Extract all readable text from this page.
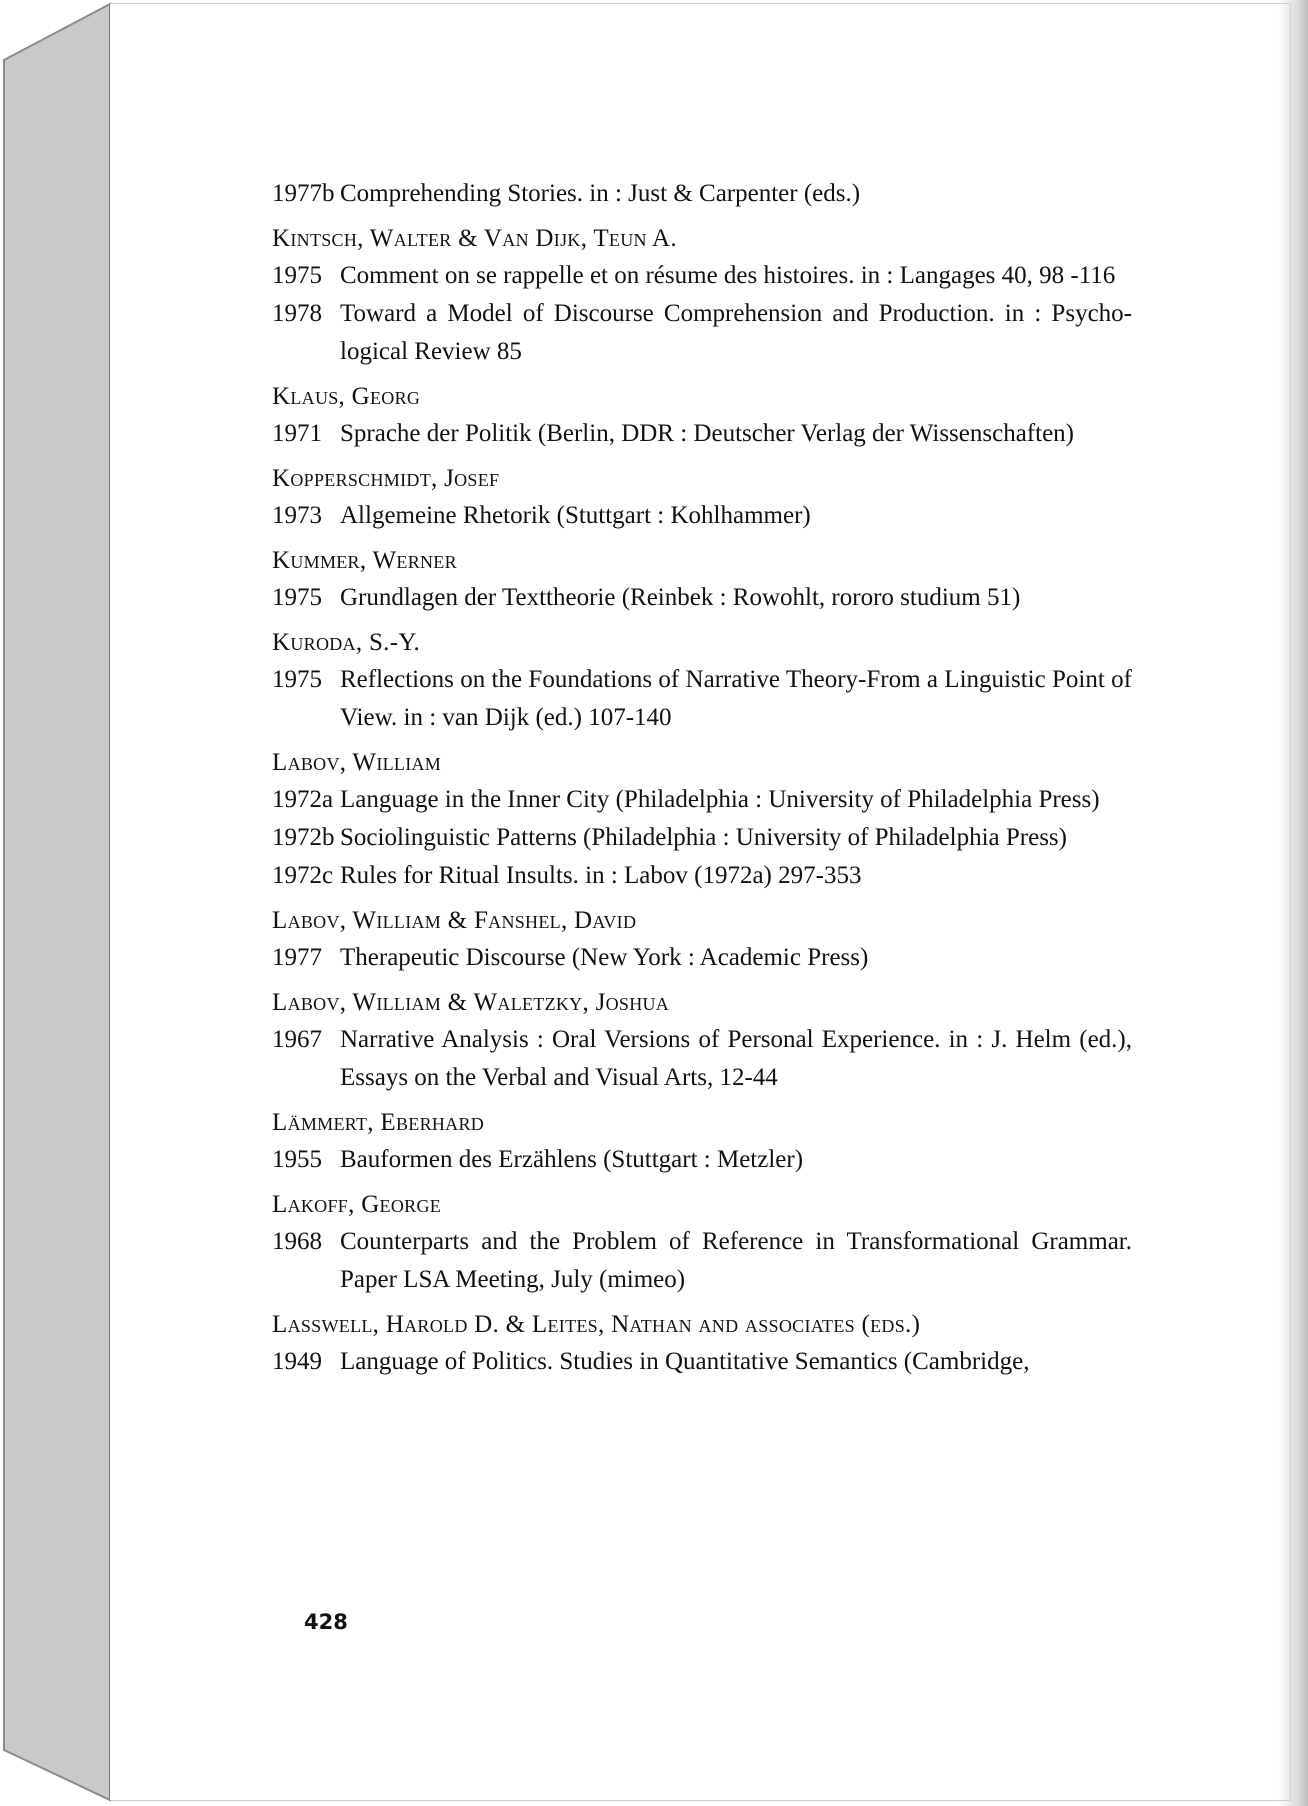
1977b Comprehending Stories. in : Just & Carpenter (eds.)
Kintsch, Walter & Van Dijk, Teun A.
1975 Comment on se rappelle et on résume des histoires. in : Langages 40, 98 -116
1978 Toward a Model of Discourse Comprehension and Production. in : Psycho-logical Review 85
Klaus, Georg
1971 Sprache der Politik (Berlin, DDR : Deutscher Verlag der Wissenschaften)
Kopperschmidt, Josef
1973 Allgemeine Rhetorik (Stuttgart : Kohlhammer)
Kummer, Werner
1975 Grundlagen der Texttheorie (Reinbek : Rowohlt, rororo studium 51)
Kuroda, S.-Y.
1975 Reflections on the Foundations of Narrative Theory-From a Linguistic Point of View. in : van Dijk (ed.) 107-140
Labov, William
1972a Language in the Inner City (Philadelphia : University of Philadelphia Press)
1972b Sociolinguistic Patterns (Philadelphia : University of Philadelphia Press)
1972c Rules for Ritual Insults. in : Labov (1972a) 297-353
Labov, William & Fanshel, David
1977 Therapeutic Discourse (New York : Academic Press)
Labov, William & Waletzky, Joshua
1967 Narrative Analysis : Oral Versions of Personal Experience. in : J. Helm (ed.), Essays on the Verbal and Visual Arts, 12-44
Lämmert, Eberhard
1955 Bauformen des Erzählens (Stuttgart : Metzler)
Lakoff, George
1968 Counterparts and the Problem of Reference in Transformational Grammar. Paper LSA Meeting, July (mimeo)
Lasswell, Harold D. & Leites, Nathan and associates (eds.)
1949 Language of Politics. Studies in Quantitative Semantics (Cambridge,
428
